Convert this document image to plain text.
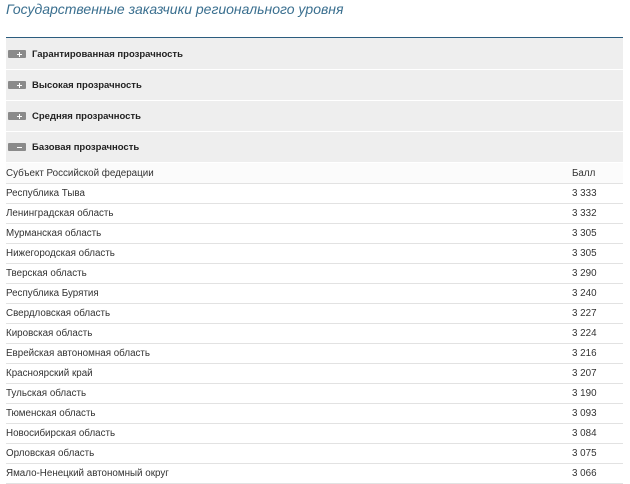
Государственные заказчики регионального уровня
Гарантированная прозрачность
Высокая прозрачность
Средняя прозрачность
Базовая прозрачность
Субъект Российской федерации	Балл
Республика Тыва	3 333
Ленинградская область	3 332
Мурманская область	3 305
Нижегородская область	3 305
Тверская область	3 290
Республика Бурятия	3 240
Свердловская область	3 227
Кировская область	3 224
Еврейская автономная область	3 216
Красноярский край	3 207
Тульская область	3 190
Тюменская область	3 093
Новосибирская область	3 084
Орловская область	3 075
Ямало-Ненецкий автономный округ	3 066
